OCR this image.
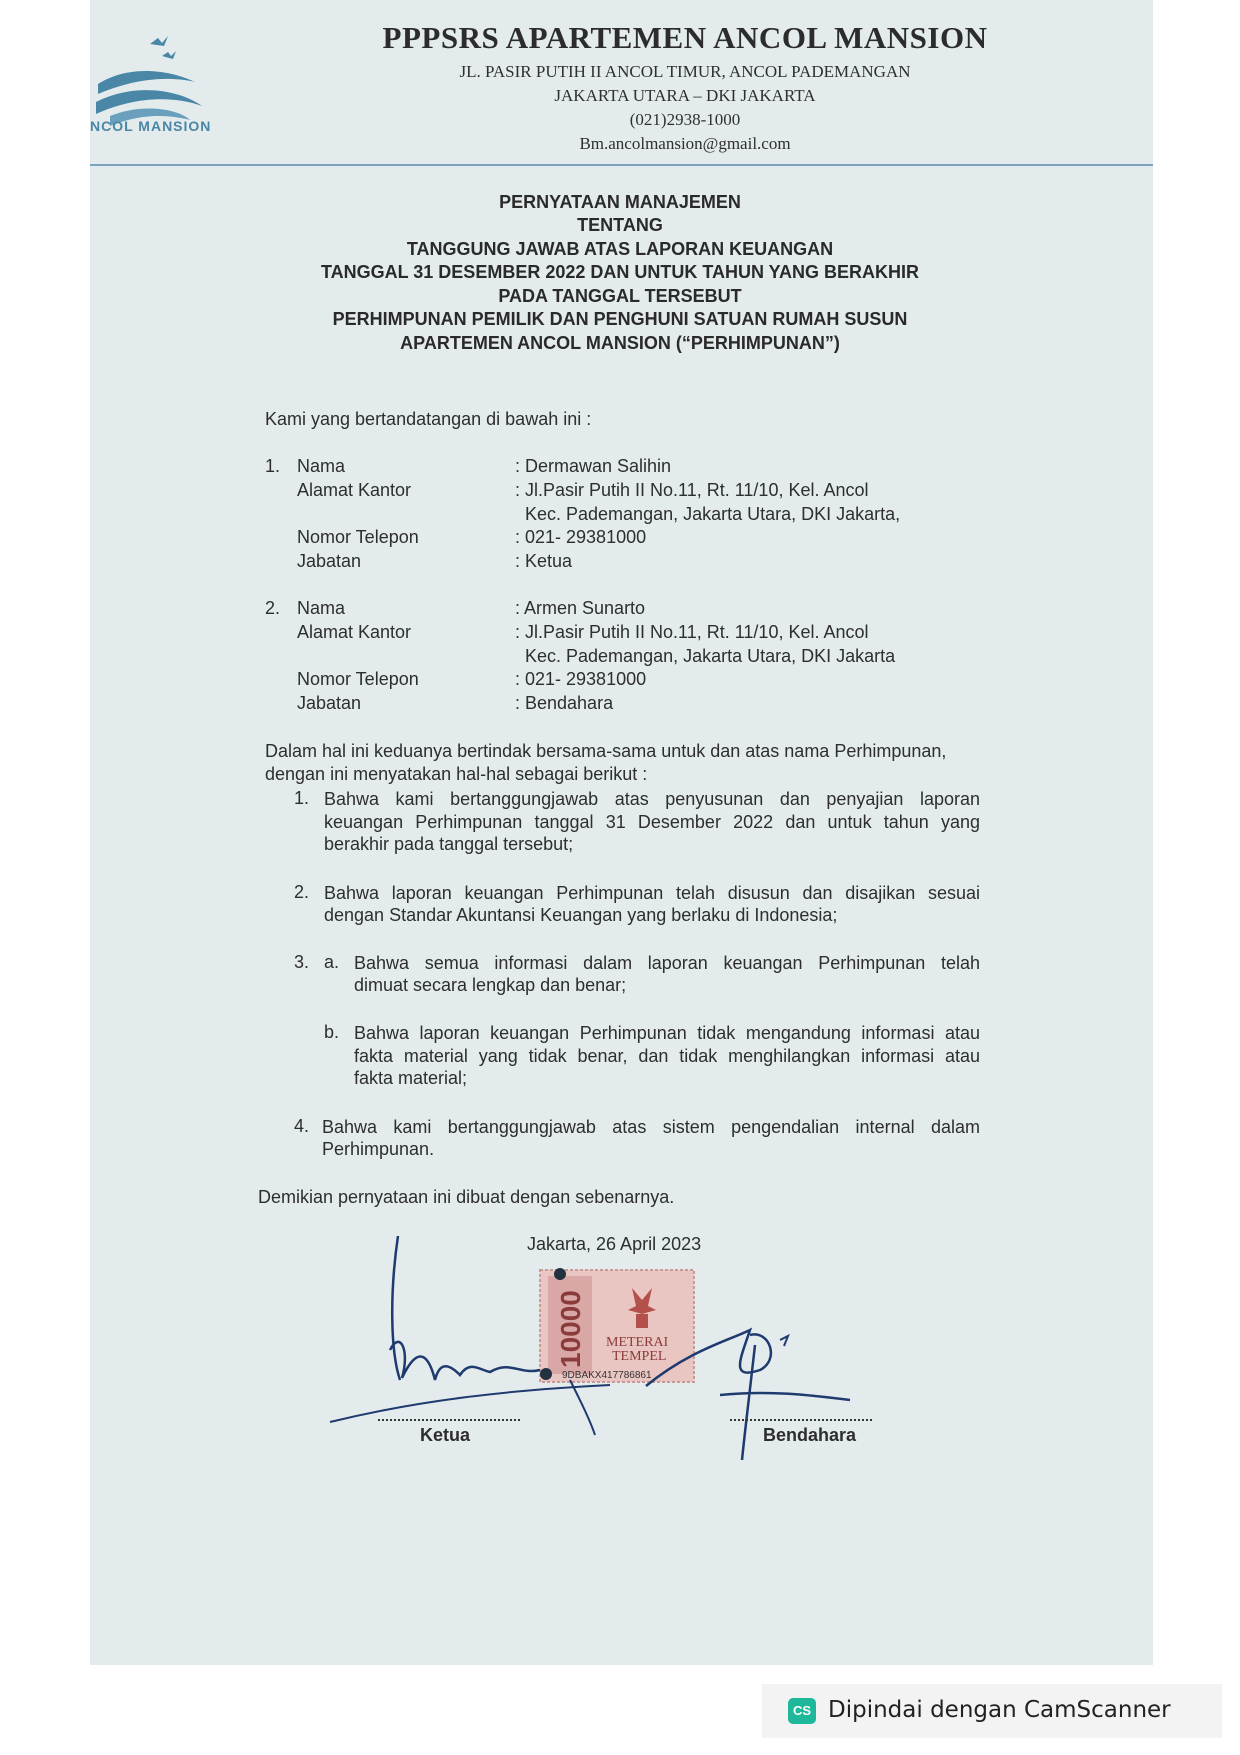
NCOL MANSION
PPPSRS APARTEMEN ANCOL MANSION
JL. PASIR PUTIH II ANCOL TIMUR, ANCOL PADEMANGAN
JAKARTA UTARA – DKI JAKARTA
(021)2938-1000
Bm.ancolmansion@gmail.com
PERNYATAAN MANAJEMEN
TENTANG
TANGGUNG JAWAB ATAS LAPORAN KEUANGAN
TANGGAL 31 DESEMBER 2022 DAN UNTUK TAHUN YANG BERAKHIR
PADA TANGGAL TERSEBUT
PERHIMPUNAN PEMILIK DAN PENGHUNI SATUAN RUMAH SUSUN
APARTEMEN ANCOL MANSION (“PERHIMPUNAN”)
Kami yang bertandatangan di bawah ini :
1. Nama
Alamat Kantor
Nomor Telepon
Jabatan
: Dermawan Salihin
: Jl.Pasir Putih II No.11, Rt. 11/10, Kel. Ancol
Kec. Pademangan, Jakarta Utara, DKI Jakarta,
: 021- 29381000
: Ketua
2. Nama
Alamat Kantor
Nomor Telepon
Jabatan
: Armen Sunarto
: Jl.Pasir Putih II No.11, Rt. 11/10, Kel. Ancol
Kec. Pademangan, Jakarta Utara, DKI Jakarta
: 021- 29381000
: Bendahara
Dalam hal ini keduanya bertindak bersama-sama untuk dan atas nama Perhimpunan,
dengan ini menyatakan hal-hal sebagai berikut :
1. Bahwa kami bertanggungjawab atas penyusunan dan penyajian laporan
keuangan Perhimpunan tanggal 31 Desember 2022 dan untuk tahun yang
berakhir pada tanggal tersebut;
2. Bahwa laporan keuangan Perhimpunan telah disusun dan disajikan sesuai
dengan Standar Akuntansi Keuangan yang berlaku di Indonesia;
3. a. Bahwa semua informasi dalam laporan keuangan Perhimpunan telah
dimuat secara lengkap dan benar;
b. Bahwa laporan keuangan Perhimpunan tidak mengandung informasi atau
fakta material yang tidak benar, dan tidak menghilangkan informasi atau
fakta material;
4. Bahwa kami bertanggungjawab atas sistem pengendalian internal dalam
Perhimpunan.
Demikian pernyataan ini dibuat dengan sebenarnya.
Jakarta, 26 April 2023
10000 METERAI
TEMPEL
9DBAKX417786861
Ketua	Bendahara
CS Dipindai dengan CamScanner
